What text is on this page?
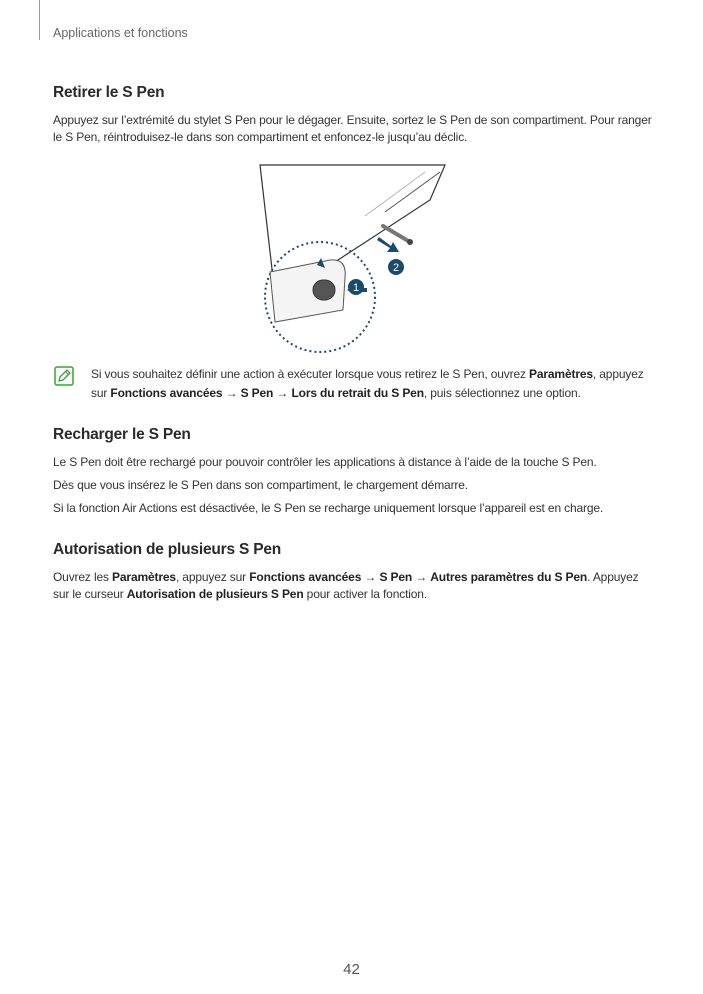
Applications et fonctions
Retirer le S Pen

Appuyez sur l’extrémité du stylet S Pen pour le dégager. Ensuite, sortez le S Pen de son compartiment. Pour ranger le S Pen, réintroduisez-le dans son compartiment et enfoncez-le jusqu’au déclic.

2
1

Si vous souhaitez définir une action à exécuter lorsque vous retirez le S Pen, ouvrez Paramètres, appuyez sur Fonctions avancées → S Pen → Lors du retrait du S Pen, puis sélectionnez une option.

Recharger le S Pen

Le S Pen doit être rechargé pour pouvoir contrôler les applications à distance à l’aide de la touche S Pen.

Dès que vous insérez le S Pen dans son compartiment, le chargement démarre.

Si la fonction Air Actions est désactivée, le S Pen se recharge uniquement lorsque l’appareil est en charge.

Autorisation de plusieurs S Pen

Ouvrez les Paramètres, appuyez sur Fonctions avancées → S Pen → Autres paramètres du S Pen. Appuyez sur le curseur Autorisation de plusieurs S Pen pour activer la fonction.

42
